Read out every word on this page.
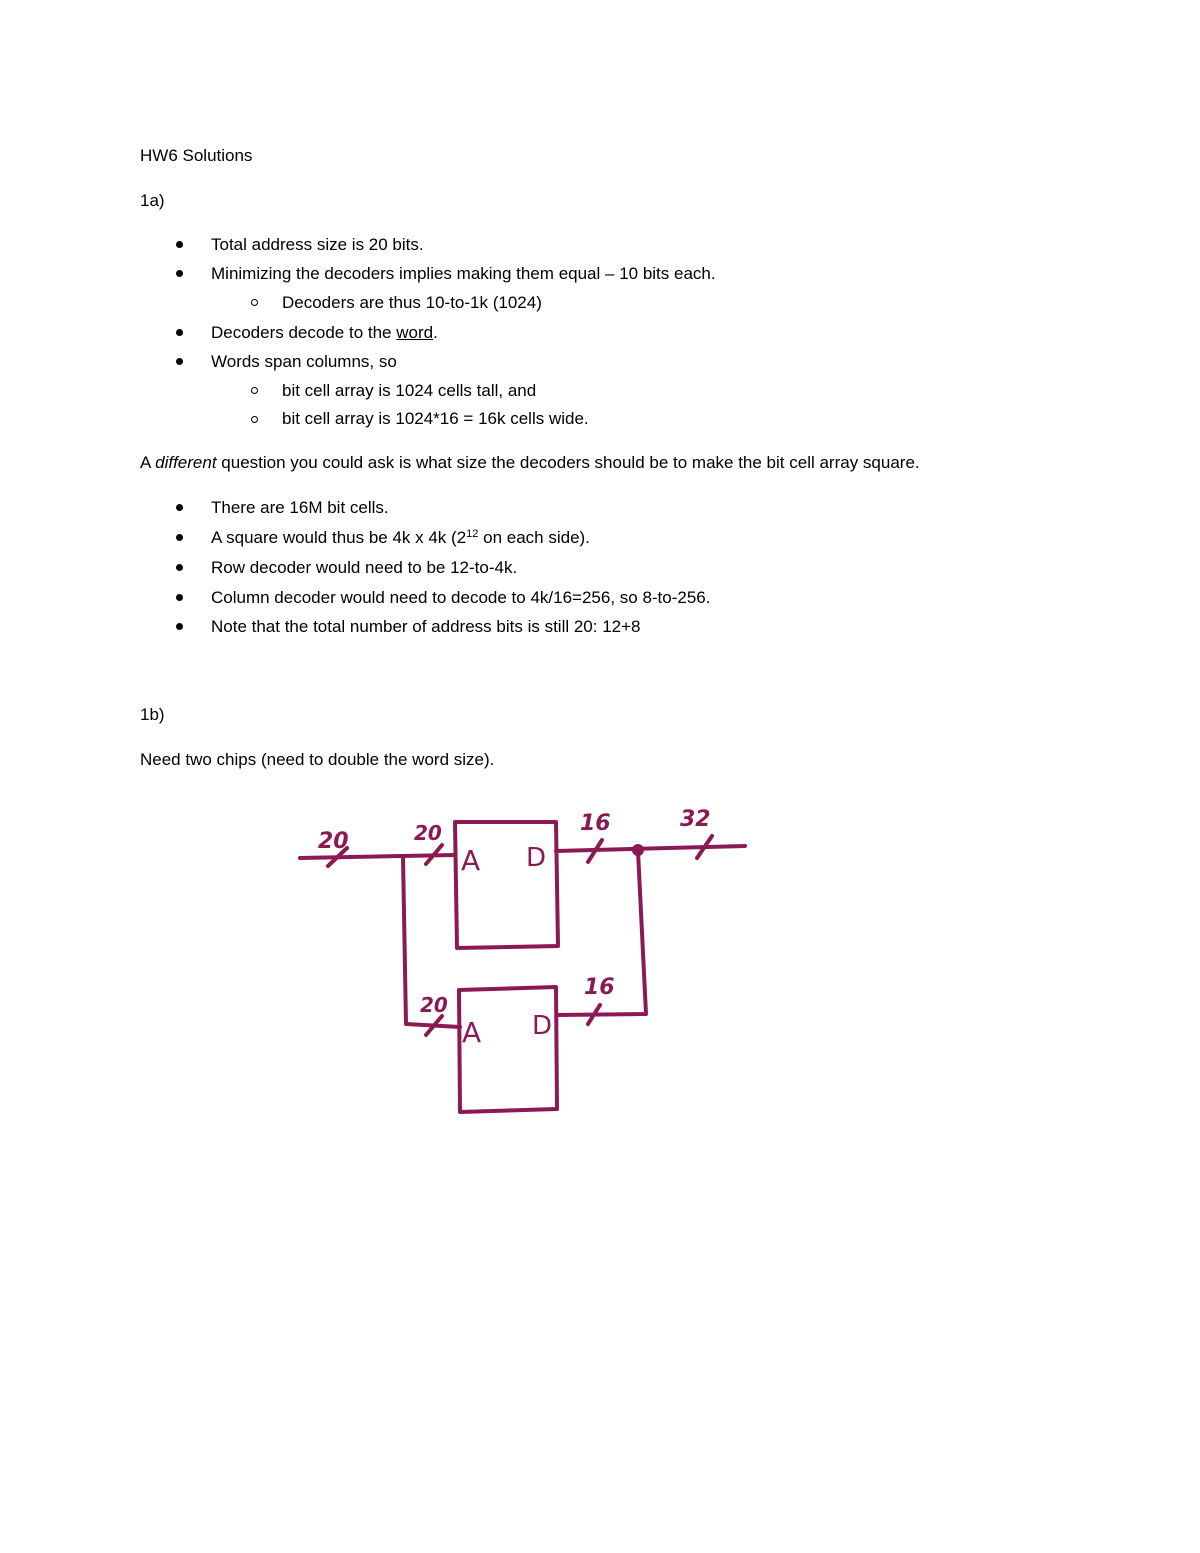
HW6 Solutions
1a)
Total address size is 20 bits.
Minimizing the decoders implies making them equal – 10 bits each.
Decoders are thus 10-to-1k (1024)
Decoders decode to the word.
Words span columns, so
bit cell array is 1024 cells tall, and
bit cell array is 1024*16 = 16k cells wide.
A different question you could ask is what size the decoders should be to make the bit cell array square.
There are 16M bit cells.
A square would thus be 4k x 4k ($2^{12}$ on each side).
Row decoder would need to be 12-to-4k.
Column decoder would need to decode to 4k/16=256, so 8-to-256.
Note that the total number of address bits is still 20: 12+8
1b)
Need two chips (need to double the word size).
20	20
20
16
16
32
A D
A D
